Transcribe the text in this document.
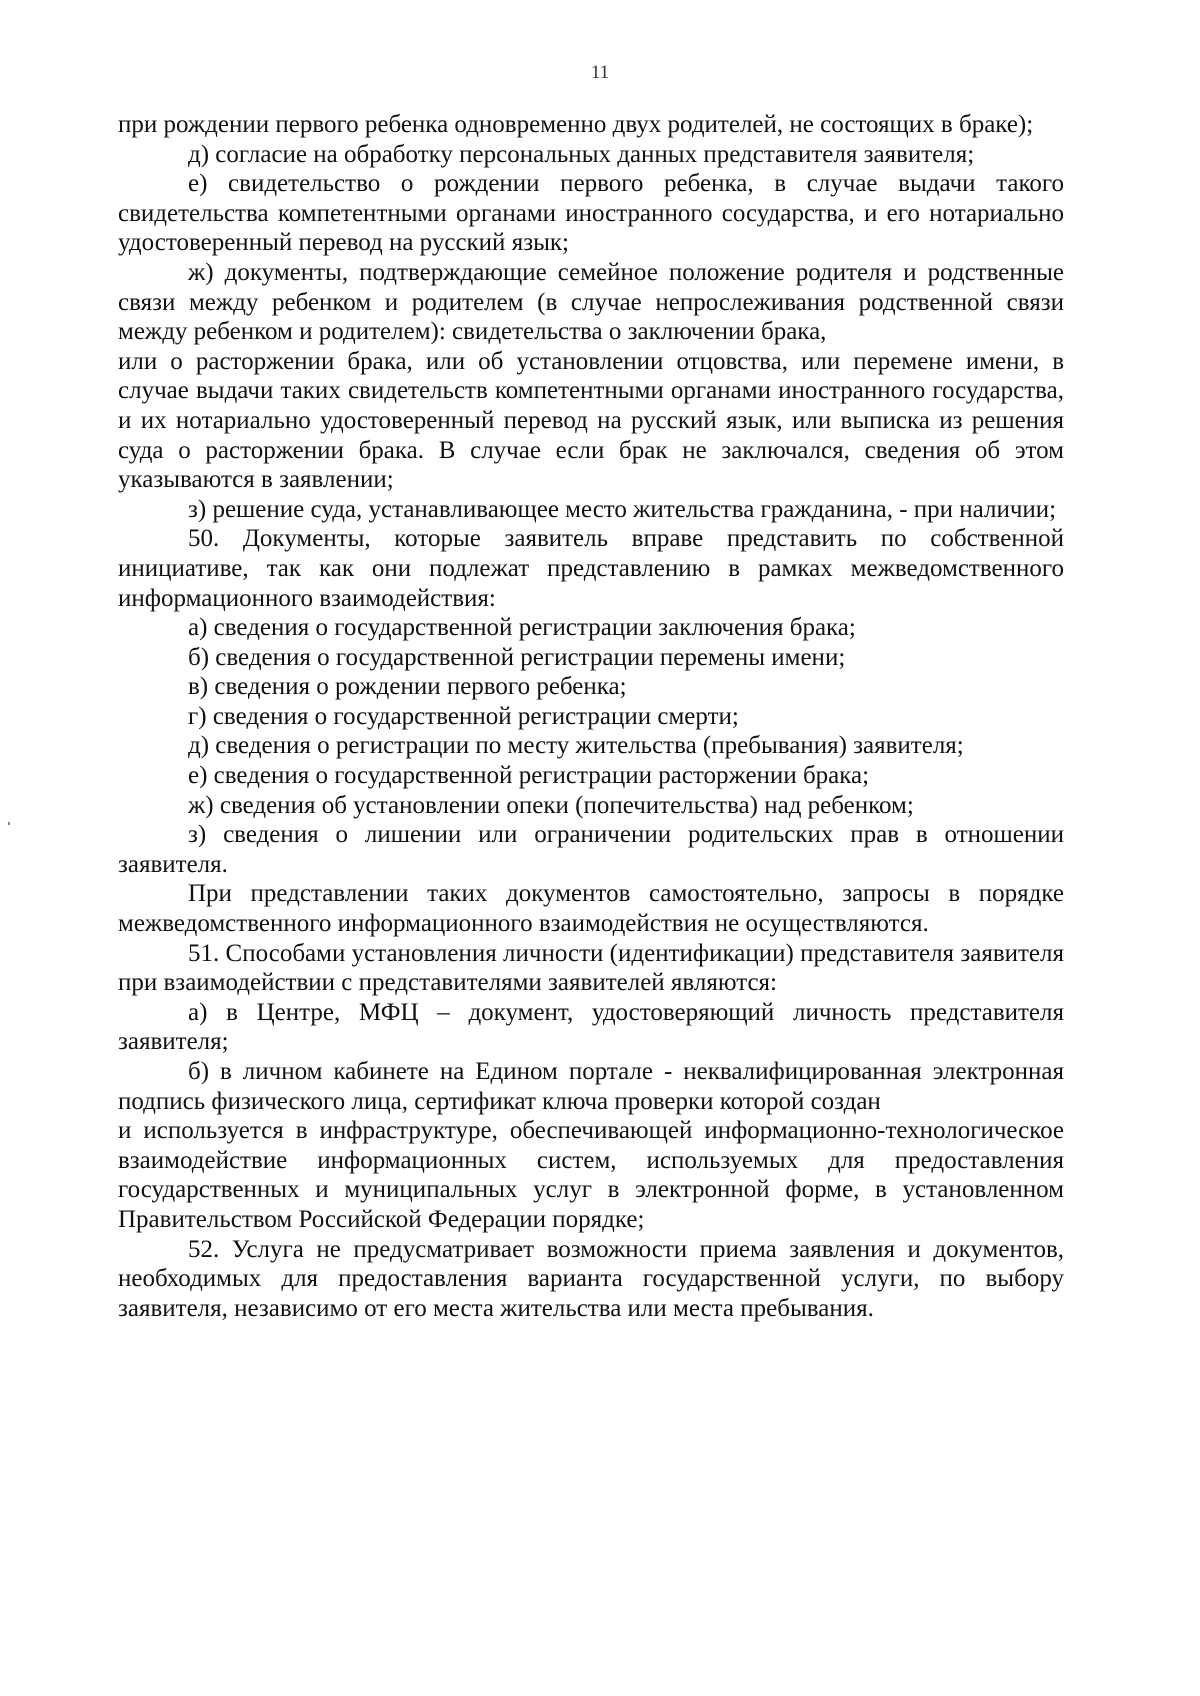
11

при рождении первого ребенка одновременно двух родителей, не состоящих в браке);

д) согласие на обработку персональных данных представителя заявителя;

е) свидетельство о рождении первого ребенка, в случае выдачи такого свидетельства компетентными органами иностранного сосударства, и его нотариально удостоверенный перевод на русский язык;

ж) документы, подтверждающие семейное положение родителя и родственные связи между ребенком и родителем (в случае непрослеживания родственной связи между ребенком и родителем): свидетельства о заключении брака,

или о расторжении брака, или об установлении отцовства, или перемене имени, в случае выдачи таких свидетельств компетентными органами иностранного государства, и их нотариально удостоверенный перевод на русский язык, или выписка из решения суда о расторжении брака. В случае если брак не заключался, сведения об этом указываются в заявлении;

з) решение суда, устанавливающее место жительства гражданина, - при наличии;

50. Документы, которые заявитель вправе представить по собственной инициативе, так как они подлежат представлению в рамках межведомственного информационного взаимодействия:

а) сведения о государственной регистрации заключения брака;

б) сведения о государственной регистрации перемены имени;

в) сведения о рождении первого ребенка;

г) сведения о государственной регистрации смерти;

д) сведения о регистрации по месту жительства (пребывания) заявителя;

е) сведения о государственной регистрации расторжении брака;

ж) сведения об установлении опеки (попечительства) над ребенком;

з) сведения о лишении или ограничении родительских прав в отношении заявителя.

При представлении таких документов самостоятельно, запросы в порядке межведомственного информационного взаимодействия не осуществляются.

51. Способами установления личности (идентификации) представителя заявителя при взаимодействии с представителями заявителей являются:

а) в Центре, МФЦ – документ, удостоверяющий личность представителя заявителя;

б) в личном кабинете на Едином портале - неквалифицированная электронная подпись физического лица, сертификат ключа проверки которой создан

и используется в инфраструктуре, обеспечивающей информационно-технологическое взаимодействие информационных систем, используемых для предоставления государственных и муниципальных услуг в электронной форме, в установленном Правительством Российской Федерации порядке;

52. Услуга не предусматривает возможности приема заявления и документов, необходимых для предоставления варианта государственной услуги, по выбору заявителя, независимо от его места жительства или места пребывания.
